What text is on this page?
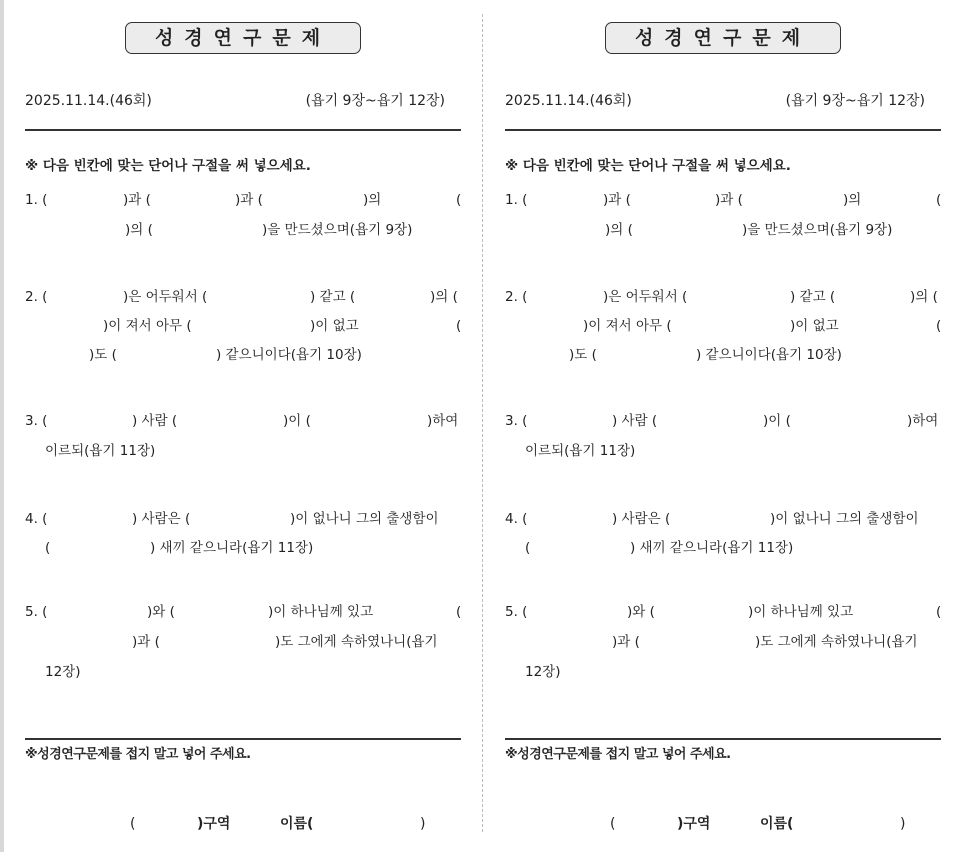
성경연구문제
2025.11.14.(46회)	(욥기 9장~욥기 12장)
※ 다음 빈칸에 맞는 단어나 구절을 써 넣으세요.
1. (	)과 (	)과 (	)의	(
)의 (	)을 만드셨으며(욥기 9장)
2. (	)은 어두워서 (	) 같고 (	)의 (
)이 져서 아무 (	)이 없고	(
)도 (	) 같으니이다(욥기 10장)
3. (	) 사람 (	)이 (	)하여
이르되(욥기 11장)
4. (	) 사람은 (	)이 없나니 그의 출생함이
(	) 새끼 같으니라(욥기 11장)
5. (	)와 (	)이 하나님께 있고	(
)과 (	)도 그에게 속하였나니(욥기
12장)
※성경연구문제를 접지 말고 넣어 주세요.
(	)구역	이름(	)
성경연구문제
2025.11.14.(46회)	(욥기 9장~욥기 12장)
※ 다음 빈칸에 맞는 단어나 구절을 써 넣으세요.
1. (	)과 (	)과 (	)의	(
)의 (	)을 만드셨으며(욥기 9장)
2. (	)은 어두워서 (	) 같고 (	)의 (
)이 져서 아무 (	)이 없고	(
)도 (	) 같으니이다(욥기 10장)
3. (	) 사람 (	)이 (	)하여
이르되(욥기 11장)
4. (	) 사람은 (	)이 없나니 그의 출생함이
(	) 새끼 같으니라(욥기 11장)
5. (	)와 (	)이 하나님께 있고	(
)과 (	)도 그에게 속하였나니(욥기
12장)
※성경연구문제를 접지 말고 넣어 주세요.
(	)구역	이름(	)
